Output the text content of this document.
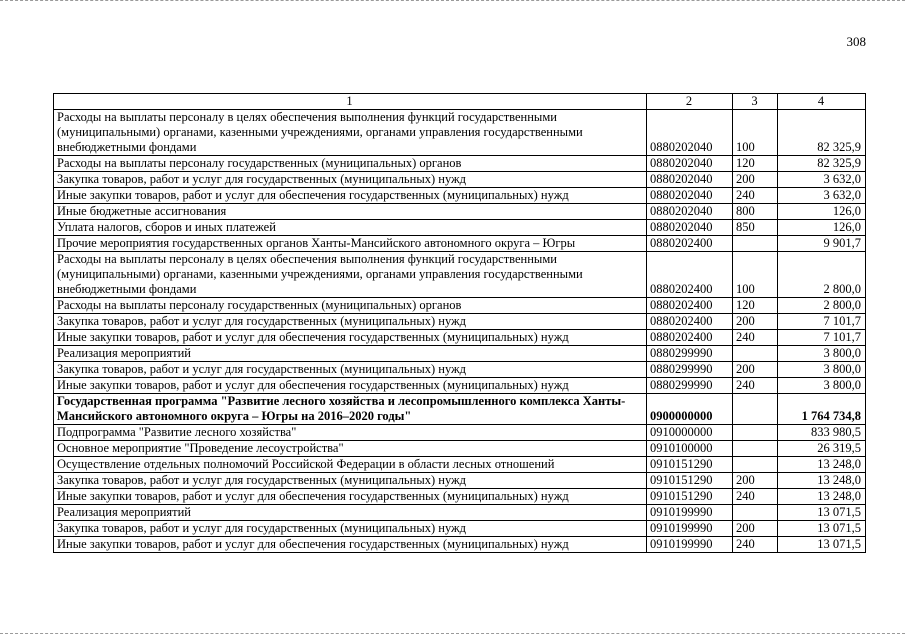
308
1	2	3	4
Расходы на выплаты персоналу в целях обеспечения выполнения функций государственными (муниципальными) органами, казенными учреждениями, органами управления государственными внебюджетными фондами	0880202040	100	82 325,9
Расходы на выплаты персоналу государственных (муниципальных) органов	0880202040	120	82 325,9
Закупка товаров, работ и услуг для государственных (муниципальных) нужд	0880202040	200	3 632,0
Иные закупки товаров, работ и услуг для обеспечения государственных (муниципальных) нужд	0880202040	240	3 632,0
Иные бюджетные ассигнования	0880202040	800	126,0
Уплата налогов, сборов и иных платежей	0880202040	850	126,0
Прочие мероприятия государственных органов Ханты-Мансийского автономного округа – Югры	0880202400		9 901,7
Расходы на выплаты персоналу в целях обеспечения выполнения функций государственными (муниципальными) органами, казенными учреждениями, органами управления государственными внебюджетными фондами	0880202400	100	2 800,0
Расходы на выплаты персоналу государственных (муниципальных) органов	0880202400	120	2 800,0
Закупка товаров, работ и услуг для государственных (муниципальных) нужд	0880202400	200	7 101,7
Иные закупки товаров, работ и услуг для обеспечения государственных (муниципальных) нужд	0880202400	240	7 101,7
Реализация мероприятий	0880299990		3 800,0
Закупка товаров, работ и услуг для государственных (муниципальных) нужд	0880299990	200	3 800,0
Иные закупки товаров, работ и услуг для обеспечения государственных (муниципальных) нужд	0880299990	240	3 800,0
Государственная программа "Развитие лесного хозяйства и лесопромышленного комплекса Ханты-Мансийского автономного округа – Югры на 2016–2020 годы"	0900000000		1 764 734,8
Подпрограмма "Развитие лесного хозяйства"	0910000000		833 980,5
Основное мероприятие "Проведение лесоустройства"	0910100000		26 319,5
Осуществление отдельных полномочий Российской Федерации в области лесных отношений	0910151290		13 248,0
Закупка товаров, работ и услуг для государственных (муниципальных) нужд	0910151290	200	13 248,0
Иные закупки товаров, работ и услуг для обеспечения государственных (муниципальных) нужд	0910151290	240	13 248,0
Реализация мероприятий	0910199990		13 071,5
Закупка товаров, работ и услуг для государственных (муниципальных) нужд	0910199990	200	13 071,5
Иные закупки товаров, работ и услуг для обеспечения государственных (муниципальных) нужд	0910199990	240	13 071,5
